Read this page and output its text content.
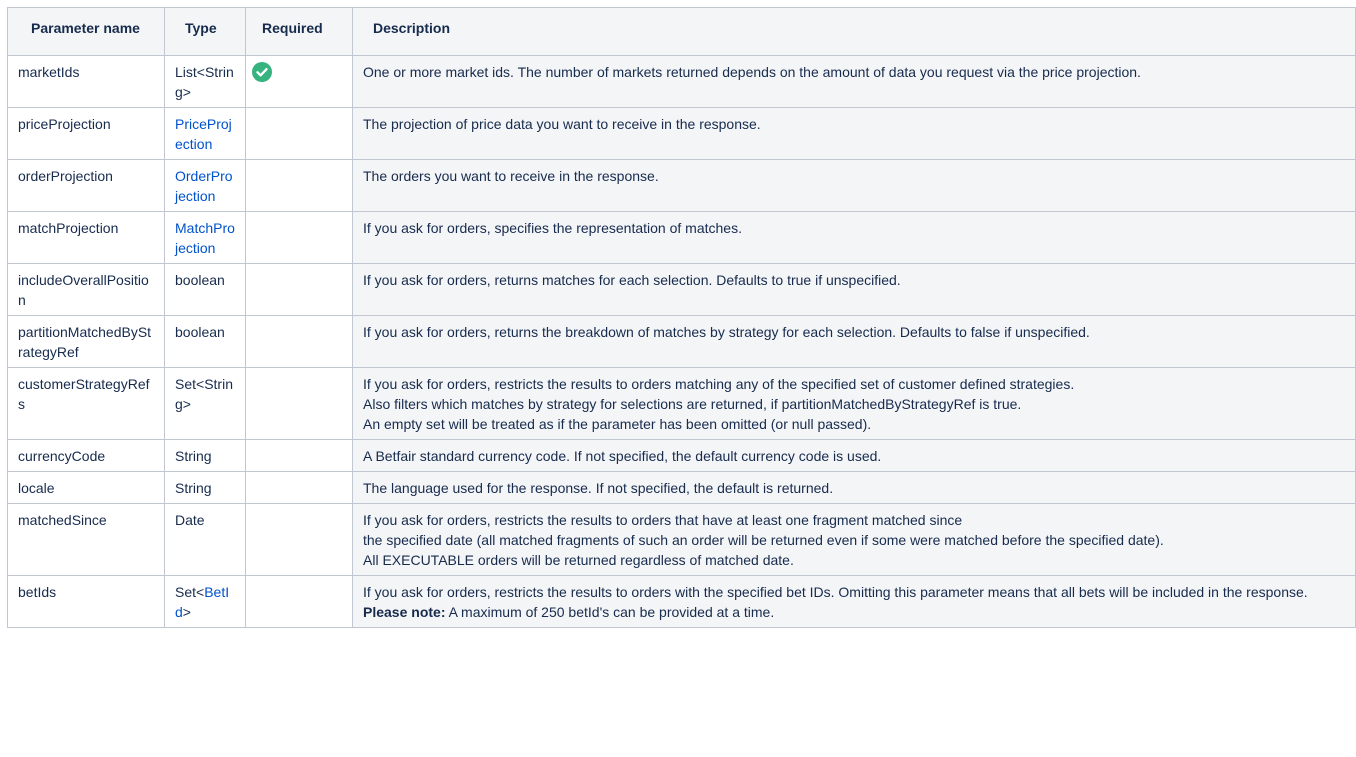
Parameter name	Type	Required	Description
marketIds	List<String>		One or more market ids. The number of markets returned depends on the amount of data you request via the price projection.
priceProjection	PriceProjection		The projection of price data you want to receive in the response.
orderProjection	OrderProjection		The orders you want to receive in the response.
matchProjection	MatchProjection		If you ask for orders, specifies the representation of matches.
includeOverallPosition	boolean		If you ask for orders, returns matches for each selection. Defaults to true if unspecified.
partitionMatchedByStrategyRef	boolean		If you ask for orders, returns the breakdown of matches by strategy for each selection. Defaults to false if unspecified.
customerStrategyRefs	Set<String>		If you ask for orders, restricts the results to orders matching any of the specified set of customer defined strategies.
Also filters which matches by strategy for selections are returned, if partitionMatchedByStrategyRef is true.
An empty set will be treated as if the parameter has been omitted (or null passed).
currencyCode	String		A Betfair standard currency code. If not specified, the default currency code is used.
locale	String		The language used for the response. If not specified, the default is returned.
matchedSince	Date		If you ask for orders, restricts the results to orders that have at least one fragment matched since
the specified date (all matched fragments of such an order will be returned even if some were matched before the specified date).
All EXECUTABLE orders will be returned regardless of matched date.
betIds	Set<BetId>		If you ask for orders, restricts the results to orders with the specified bet IDs. Omitting this parameter means that all bets will be included in the response. Please note: A maximum of 250 betId's can be provided at a time.
